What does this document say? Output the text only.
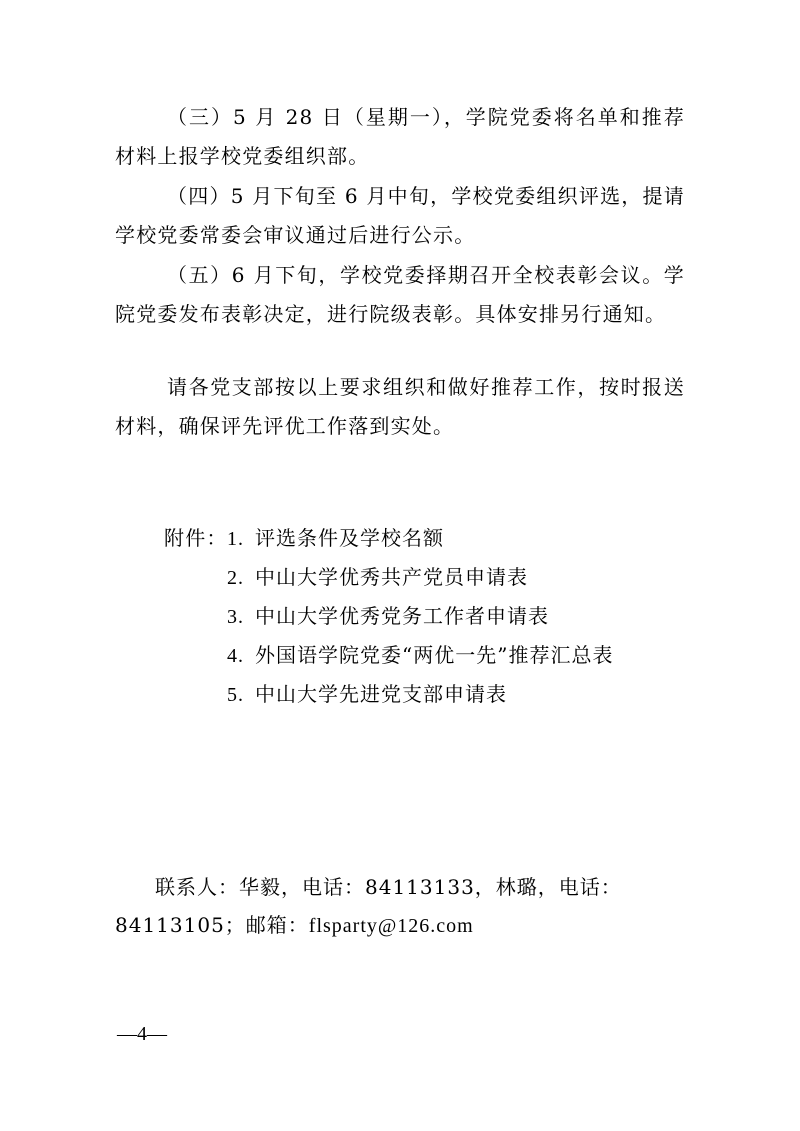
（三）5 月 28 日（星期一），学院党委将名单和推荐材料上报学校党委组织部。

（四）5 月下旬至 6 月中旬，学校党委组织评选，提请学校党委常委会审议通过后进行公示。

（五）6 月下旬，学校党委择期召开全校表彰会议。学院党委发布表彰决定，进行院级表彰。具体安排另行通知。

请各党支部按以上要求组织和做好推荐工作，按时报送材料，确保评先评优工作落到实处。

附件： 1. 评选条件及学校名额
2. 中山大学优秀共产党员申请表
3. 中山大学优秀党务工作者申请表
4. 外国语学院党委“两优一先”推荐汇总表
5. 中山大学先进党支部申请表

联系人：华毅，电话：84113133，林璐，电话：84113105；邮箱：flsparty@126.com

—4—
